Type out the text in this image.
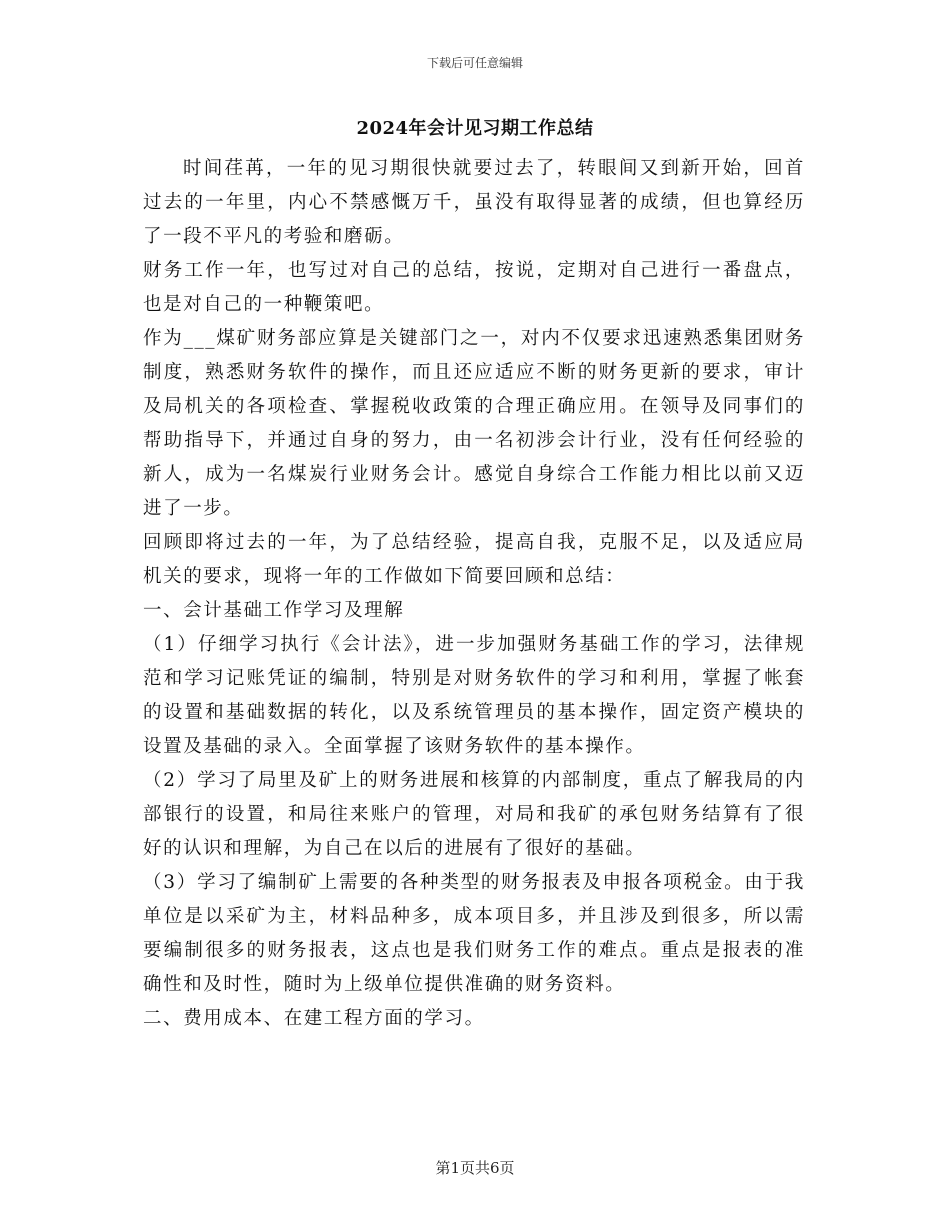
下载后可任意编辑
2024年会计见习期工作总结

时间荏苒，一年的见习期很快就要过去了，转眼间又到新开始，回首过去的一年里，内心不禁感慨万千，虽没有取得显著的成绩，但也算经历了一段不平凡的考验和磨砺。

财务工作一年，也写过对自己的总结，按说，定期对自己进行一番盘点，也是对自己的一种鞭策吧。

作为___煤矿财务部应算是关键部门之一，对内不仅要求迅速熟悉集团财务制度，熟悉财务软件的操作，而且还应适应不断的财务更新的要求，审计及局机关的各项检查、掌握税收政策的合理正确应用。在领导及同事们的帮助指导下，并通过自身的努力，由一名初涉会计行业，没有任何经验的新人，成为一名煤炭行业财务会计。感觉自身综合工作能力相比以前又迈进了一步。

回顾即将过去的一年，为了总结经验，提高自我，克服不足，以及适应局机关的要求，现将一年的工作做如下简要回顾和总结：

一、会计基础工作学习及理解

（1）仔细学习执行《会计法》，进一步加强财务基础工作的学习，法律规范和学习记账凭证的编制，特别是对财务软件的学习和利用，掌握了帐套的设置和基础数据的转化，以及系统管理员的基本操作，固定资产模块的设置及基础的录入。全面掌握了该财务软件的基本操作。

（2）学习了局里及矿上的财务进展和核算的内部制度，重点了解我局的内部银行的设置，和局往来账户的管理，对局和我矿的承包财务结算有了很好的认识和理解，为自己在以后的进展有了很好的基础。

（3）学习了编制矿上需要的各种类型的财务报表及申报各项税金。由于我单位是以采矿为主，材料品种多，成本项目多，并且涉及到很多，所以需要编制很多的财务报表，这点也是我们财务工作的难点。重点是报表的准确性和及时性，随时为上级单位提供准确的财务资料。

二、费用成本、在建工程方面的学习。

第1页共6页
